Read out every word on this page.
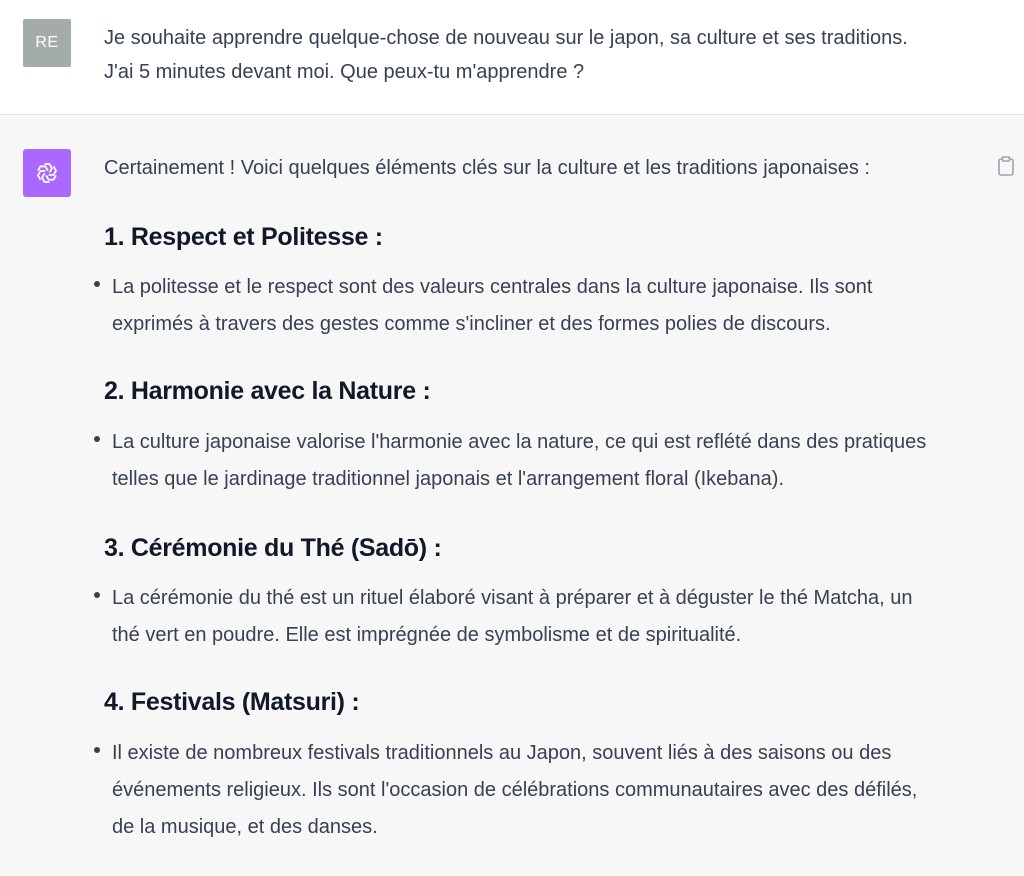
RE	Je souhaite apprendre quelque-chose de nouveau sur le japon, sa culture et ses traditions.
J'ai 5 minutes devant moi. Que peux-tu m'apprendre ?
Certainement ! Voici quelques éléments clés sur la culture et les traditions japonaises :
1. Respect et Politesse :
La politesse et le respect sont des valeurs centrales dans la culture japonaise. Ils sont
exprimés à travers des gestes comme s'incliner et des formes polies de discours.
2. Harmonie avec la Nature :
La culture japonaise valorise l'harmonie avec la nature, ce qui est reflété dans des pratiques
telles que le jardinage traditionnel japonais et l'arrangement floral (Ikebana).
3. Cérémonie du Thé (Sadō) :
La cérémonie du thé est un rituel élaboré visant à préparer et à déguster le thé Matcha, un
thé vert en poudre. Elle est imprégnée de symbolisme et de spiritualité.
4. Festivals (Matsuri) :
Il existe de nombreux festivals traditionnels au Japon, souvent liés à des saisons ou des
événements religieux. Ils sont l'occasion de célébrations communautaires avec des défilés,
de la musique, et des danses.
